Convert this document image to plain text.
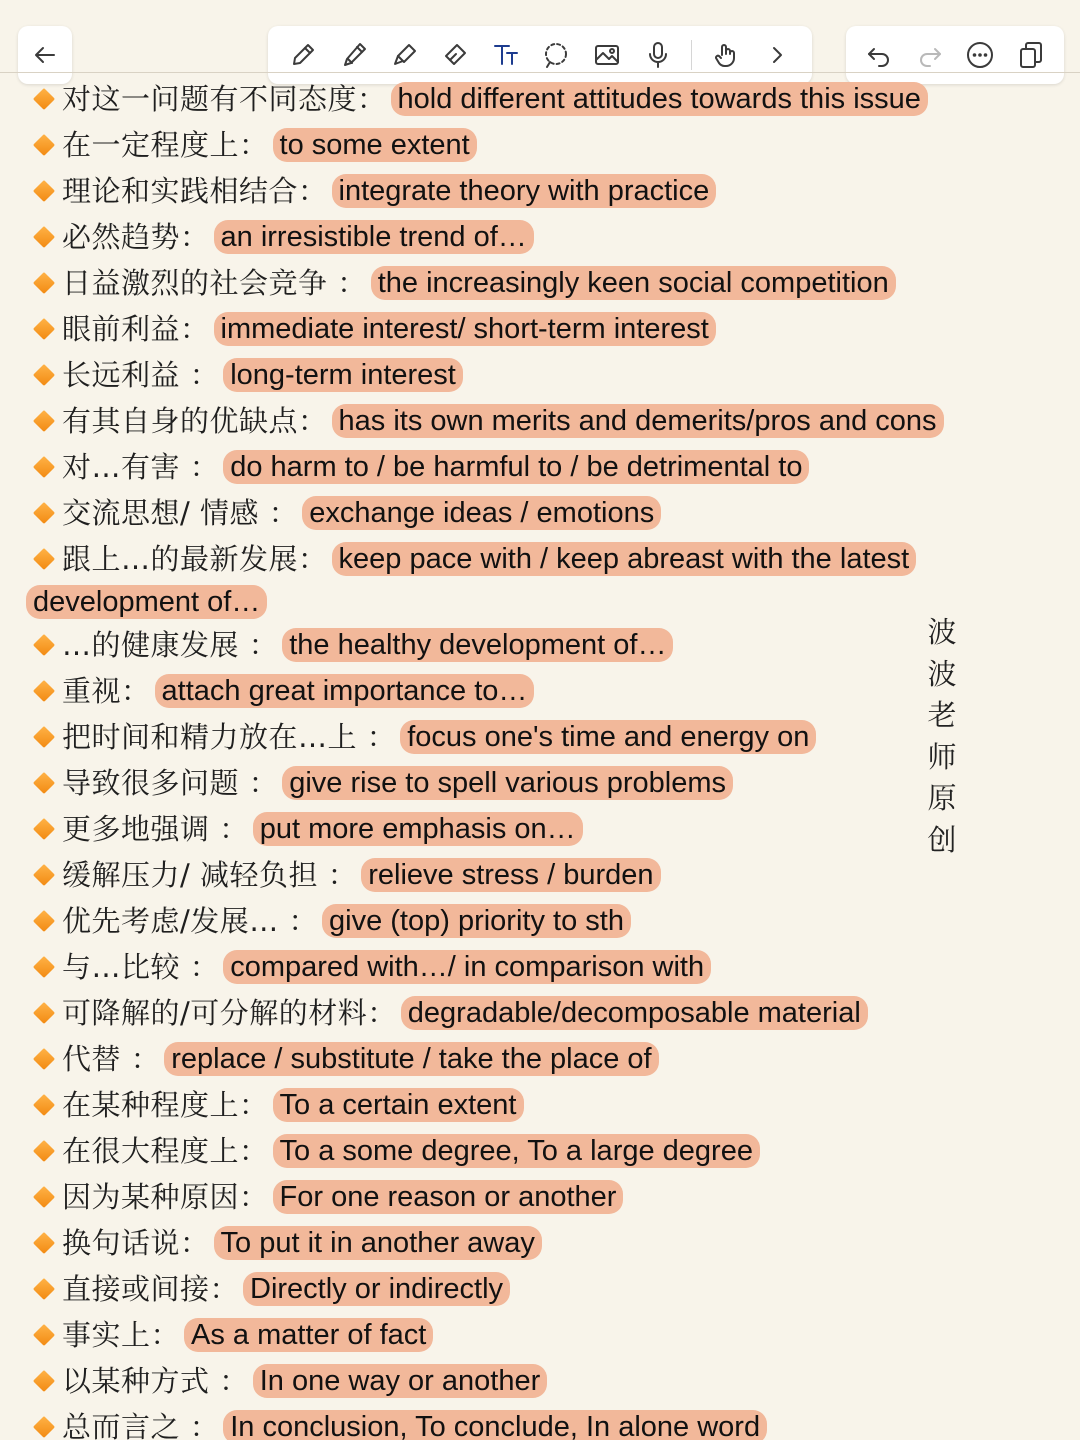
对这一问题有不同态度： hold different attitudes towards this issue
在一定程度上： to some extent
理论和实践相结合： integrate theory with practice
必然趋势： an irresistible trend of…
日益激烈的社会竞争 ： the increasingly keen social competition
眼前利益： immediate interest/ short-term interest
长远利益 ： long-term interest
有其自身的优缺点： has its own merits and demerits/pros and cons
对…有害 ： do harm to / be harmful to / be detrimental to
交流思想/ 情感 ： exchange ideas / emotions
跟上…的最新发展： keep pace with / keep abreast with the latest
development of…
…的健康发展 ： the healthy development of…
重视： attach great importance to…
把时间和精力放在…上 ： focus one's time and energy on
导致很多问题 ： give rise to spell various problems
更多地强调 ： put more emphasis on…
缓解压力/ 减轻负担 ： relieve stress / burden
优先考虑/发展… ： give (top) priority to sth
与…比较 ： compared with…/ in comparison with
可降解的/可分解的材料： degradable/decomposable material
代替 ： replace / substitute / take the place of
在某种程度上： To a certain extent
在很大程度上： To a some degree, To a large degree
因为某种原因： For one reason or another
换句话说： To put it in another away
直接或间接： Directly or indirectly
事实上： As a matter of fact
以某种方式 ： In one way or another
总而言之 ： In conclusion, To conclude, In alone word
波
波
老
师
原
创
